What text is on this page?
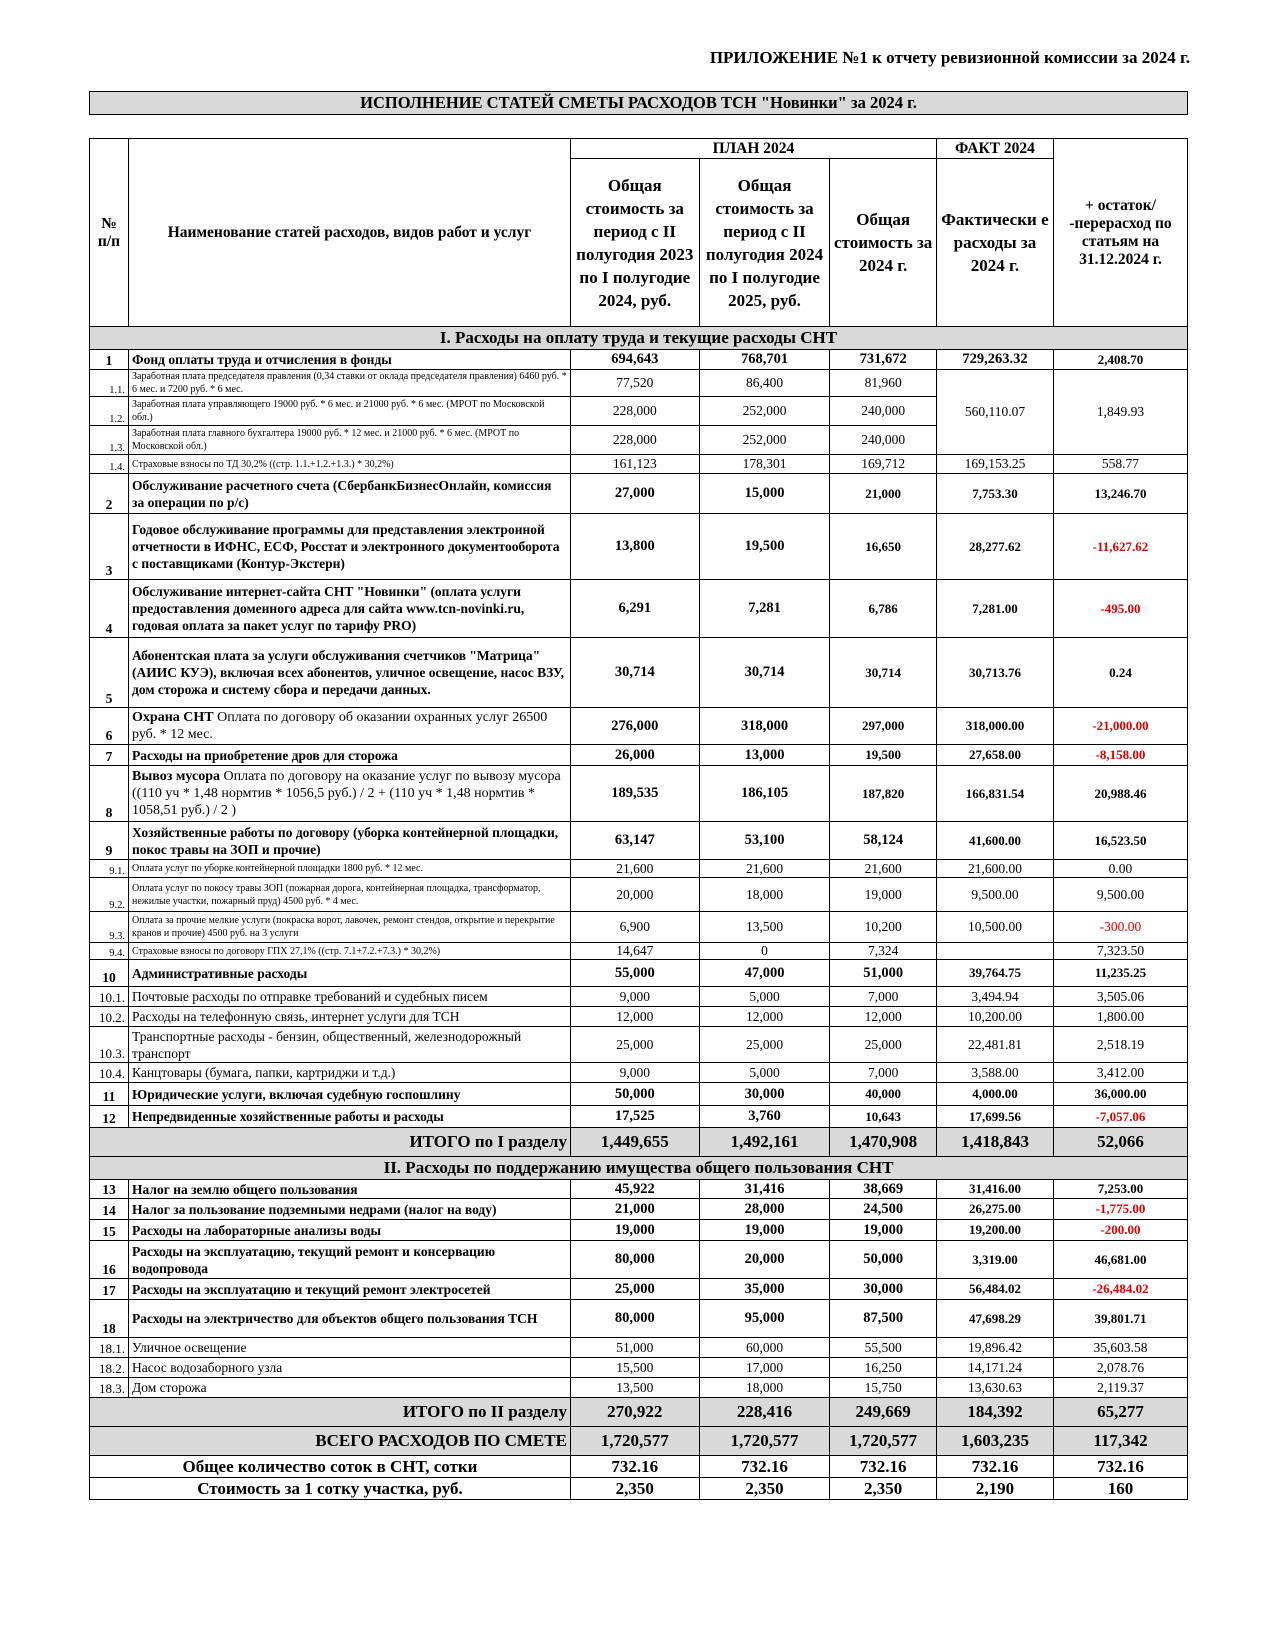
ПРИЛОЖЕНИЕ №1 к отчету ревизионной комиссии за 2024 г.
ИСПОЛНЕНИЕ СТАТЕЙ СМЕТЫ РАСХОДОВ ТСН "Новинки" за 2024 г.
№ п/п	Наименование статей расходов, видов работ и услуг	ПЛАН 2024			ФАКТ 2024	+ остаток/ -перерасход по статьям на 31.12.2024 г.
		Общая стоимость за период с II полугодия 2023 по I полугодие 2024, руб.	Общая стоимость за период с II полугодия 2024 по I полугодие 2025, руб.	Общая стоимость за 2024 г.	Фактически е расходы за 2024 г.	
I. Расходы на оплату труда и текущие расходы СНТ						
1	Фонд оплаты труда и отчисления в фонды	694,643	768,701	731,672	729,263.32	2,408.70
1.1.	Заработная плата председателя правления (0,34 ставки от оклада председателя правления) 6460 руб. * 6 мес. и 7200 руб. * 6 мес.	77,520	86,400	81,960	560,110.07	1,849.93
1.2.	Заработная плата управляющего 19000 руб. * 6 мес. и 21000 руб. * 6 мес. (МРОТ по Московской обл.)	228,000	252,000	240,000		
1.3.	Заработная плата главного бухгалтера 19000 руб. * 12 мес. и 21000 руб. * 6 мес. (МРОТ по Московской обл.)	228,000	252,000	240,000		
1.4.	Страховые взносы по ТД 30,2% ((стр. 1.1.+1.2.+1.3.) * 30,2%)	161,123	178,301	169,712	169,153.25	558.77
2	Обслуживание расчетного счета (СбербанкБизнесОнлайн, комиссия за операции по р/с)	27,000	15,000	21,000	7,753.30	13,246.70
3	Годовое обслуживание программы для представления электронной отчетности в ИФНС, ЕСФ, Росстат и электронного документооборота с поставщиками (Контур-Экстерн)	13,800	19,500	16,650	28,277.62	-11,627.62
4	Обслуживание интернет-сайта СНТ "Новинки" (оплата услуги предоставления доменного адреса для сайта www.tcn-novinki.ru, годовая оплата за пакет услуг по тарифу PRO)	6,291	7,281	6,786	7,281.00	-495.00
5	Абонентская плата за услуги обслуживания счетчиков "Матрица" (АИИС КУЭ), включая всех абонентов, уличное освещение, насос ВЗУ, дом сторожа и систему сбора и передачи данных.	30,714	30,714	30,714	30,713.76	0.24
6	Охрана СНТ Оплата по договору об оказании охранных услуг 26500 руб. * 12 мес.	276,000	318,000	297,000	318,000.00	-21,000.00
7	Расходы на приобретение дров для сторожа	26,000	13,000	19,500	27,658.00	-8,158.00
8	Вывоз мусора Оплата по договору на оказание услуг по вывозу мусора ((110 уч * 1,48 нормтив * 1056,5 руб.) / 2 + (110 уч * 1,48 нормтив * 1058,51 руб.) / 2 )	189,535	186,105	187,820	166,831.54	20,988.46
9	Хозяйственные работы по договору (уборка контейнерной площадки, покос травы на ЗОП и прочие)	63,147	53,100	58,124	41,600.00	16,523.50
9.1.	Оплата услуг по уборке контейнерной площадки 1800 руб. * 12 мес.	21,600	21,600	21,600	21,600.00	0.00
9.2.	Оплата услуг по покосу травы ЗОП (пожарная дорога, контейнерная площадка, трансформатор, нежилые участки, пожарный пруд) 4500 руб. * 4 мес.	20,000	18,000	19,000	9,500.00	9,500.00
9.3.	Оплата за прочие мелкие услуги (покраска ворот, лавочек, ремонт стендов, открытие и перекрытие кранов и прочие) 4500 руб. на 3 услуги	6,900	13,500	10,200	10,500.00	-300.00
9.4.	Страховые взносы по договору ГПХ 27,1% ((стр. 7.1+7.2.+7.3.) * 30,2%)	14,647	0	7,324		7,323.50
10	Административные расходы	55,000	47,000	51,000	39,764.75	11,235.25
10.1.	Почтовые расходы по отправке требований и судебных писем	9,000	5,000	7,000	3,494.94	3,505.06
10.2.	Расходы на телефонную связь, интернет услуги для ТСН	12,000	12,000	12,000	10,200.00	1,800.00
10.3.	Транспортные расходы - бензин, общественный, железнодорожный транспорт	25,000	25,000	25,000	22,481.81	2,518.19
10.4.	Канцтовары (бумага, папки, картриджи и т.д.)	9,000	5,000	7,000	3,588.00	3,412.00
11	Юридические услуги, включая судебную госпошлину	50,000	30,000	40,000	4,000.00	36,000.00
12	Непредвиденные хозяйственные работы и расходы	17,525	3,760	10,643	17,699.56	-7,057.06
ИТОГО по I разделу		1,449,655	1,492,161	1,470,908	1,418,843	52,066
II. Расходы по поддержанию имущества общего пользования СНТ						
13	Налог на землю общего пользования	45,922	31,416	38,669	31,416.00	7,253.00
14	Налог за пользование подземными недрами (налог на воду)	21,000	28,000	24,500	26,275.00	-1,775.00
15	Расходы на лабораторные анализы воды	19,000	19,000	19,000	19,200.00	-200.00
16	Расходы на эксплуатацию, текущий ремонт и консервацию водопровода	80,000	20,000	50,000	3,319.00	46,681.00
17	Расходы на эксплуатацию и текущий ремонт электросетей	25,000	35,000	30,000	56,484.02	-26,484.02
18	Расходы на электричество для объектов общего пользования ТСН	80,000	95,000	87,500	47,698.29	39,801.71
18.1.	Уличное освещение	51,000	60,000	55,500	19,896.42	35,603.58
18.2.	Насос водозаборного узла	15,500	17,000	16,250	14,171.24	2,078.76
18.3.	Дом сторожа	13,500	18,000	15,750	13,630.63	2,119.37
ИТОГО по II разделу		270,922	228,416	249,669	184,392	65,277
ВСЕГО РАСХОДОВ ПО СМЕТЕ		1,720,577	1,720,577	1,720,577	1,603,235	117,342
Общее количество соток в СНТ, сотки		732.16	732.16	732.16	732.16	732.16
Стоимость за 1 сотку участка, руб.		2,350	2,350	2,350	2,190	160
